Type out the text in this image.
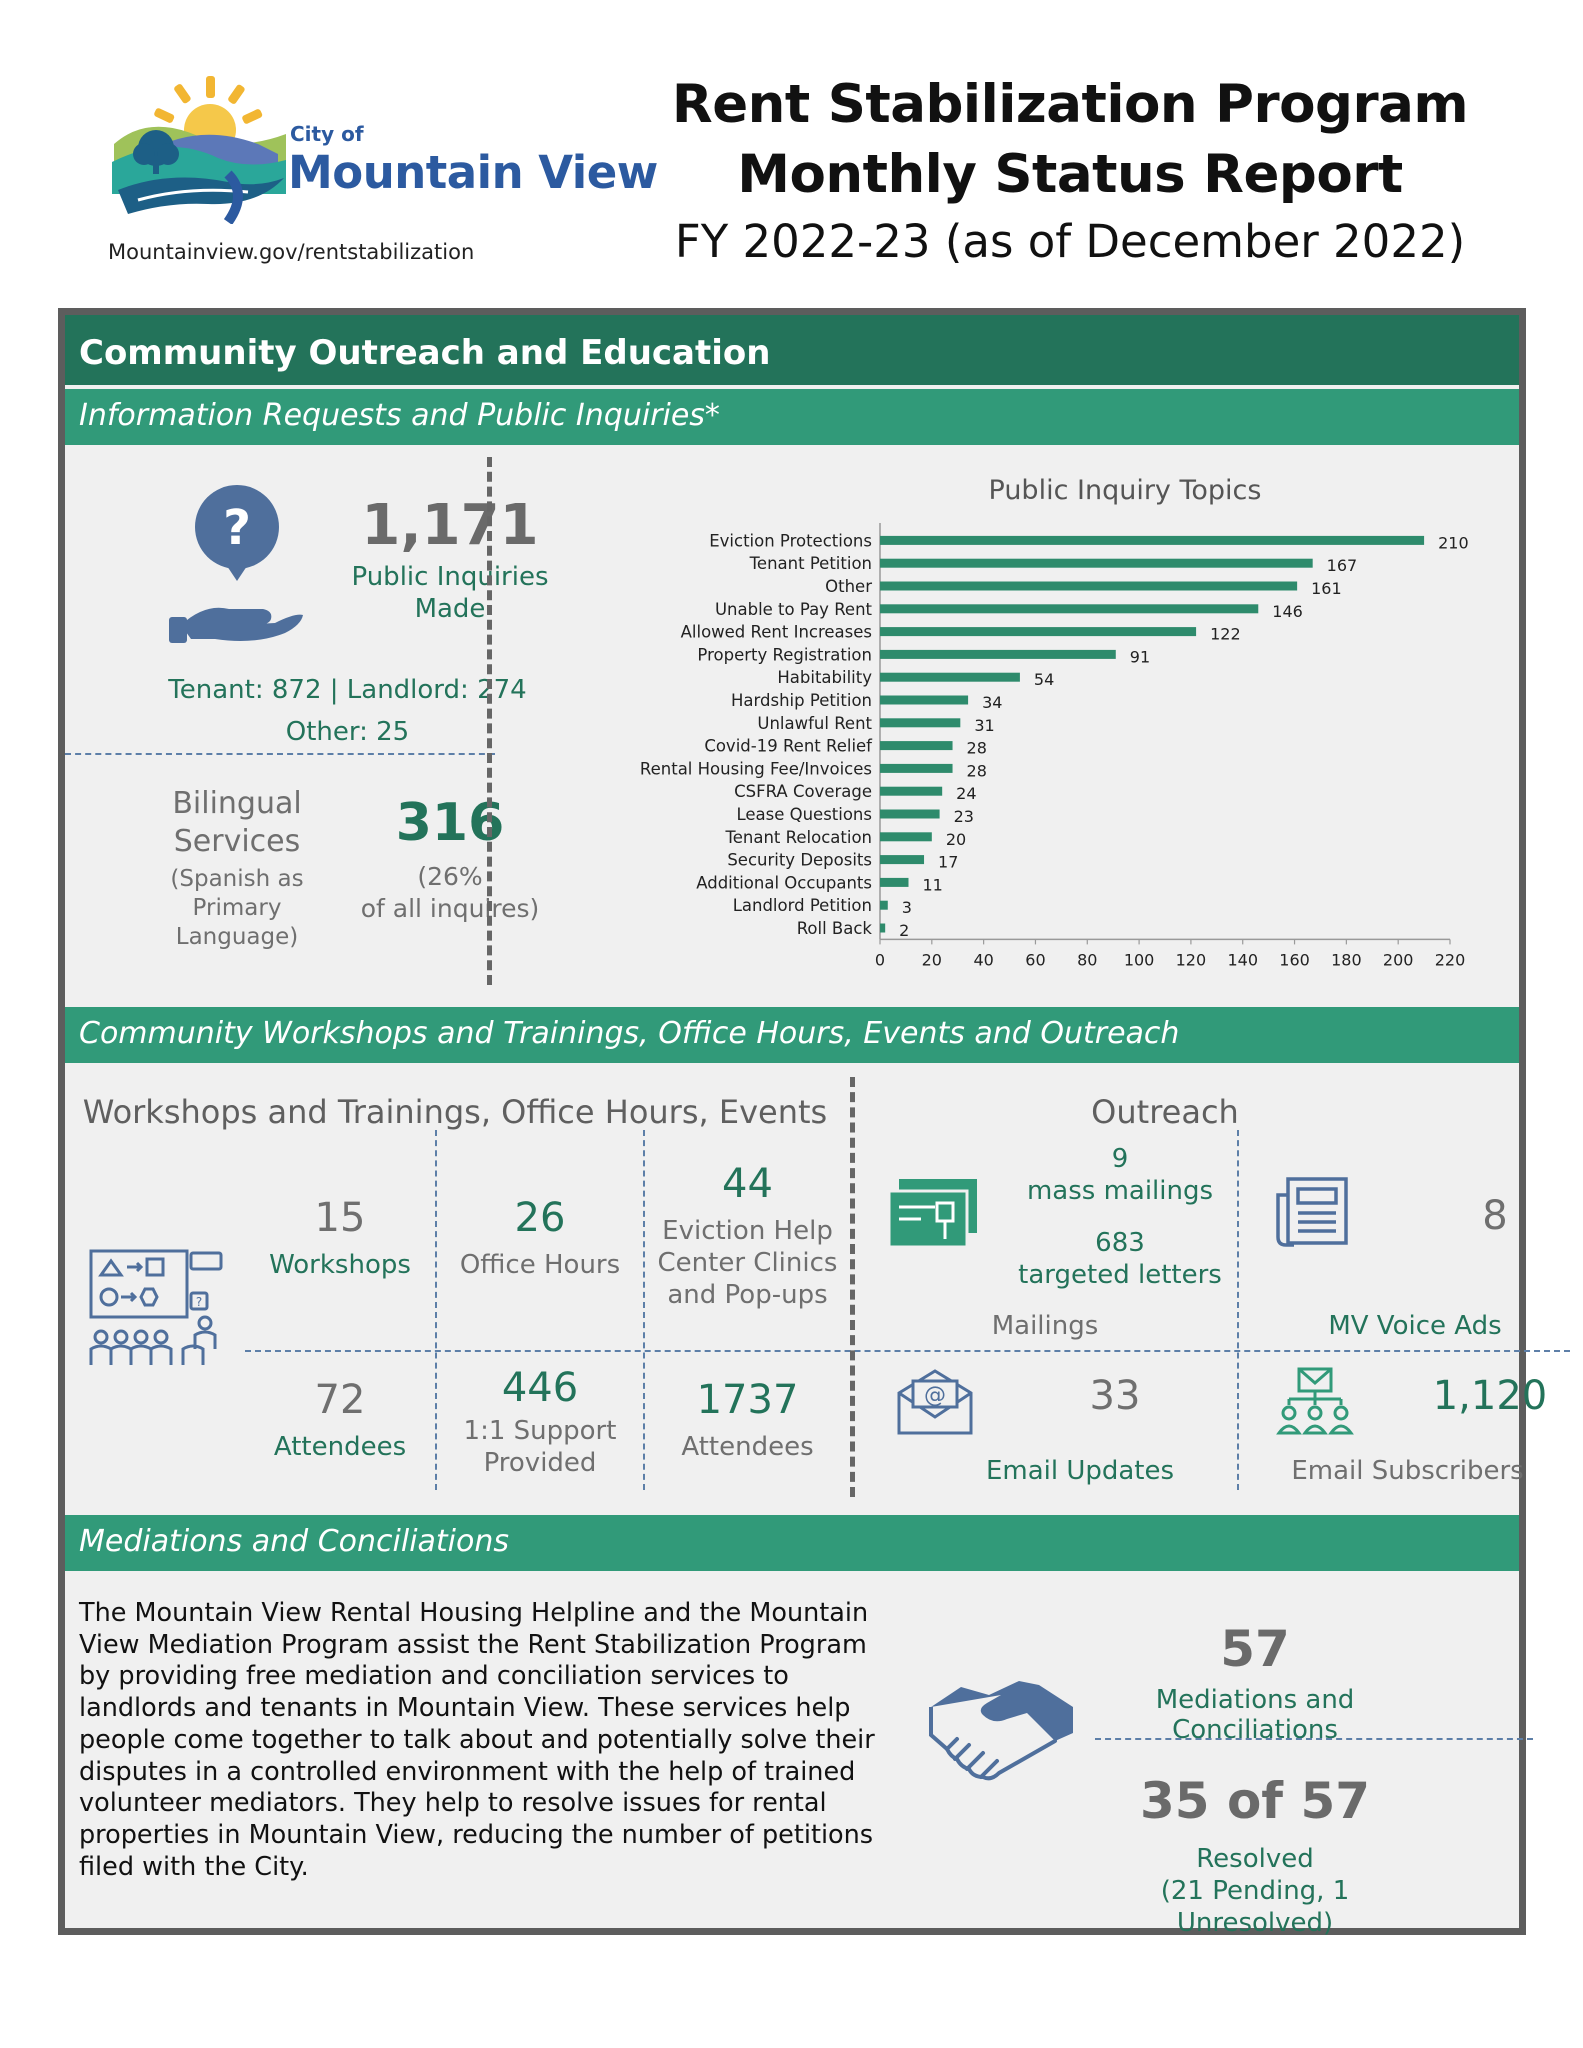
City of
Mountain View
Mountainview.gov/rentstabilization
Rent Stabilization Program
Monthly Status Report
FY 2022-23 (as of December 2022)
Community Outreach and Education
Information Requests and Public Inquiries*
?	1,171
Public Inquiries
Made
Tenant: 872 | Landlord: 274
Other: 25
Bilingual
Services
(Spanish as
Primary
Language)
316
(26%
of all inquires)
Public Inquiry Topics
Eviction Protections	210
Tenant Petition	167
Other	161
Unable to Pay Rent	146
Allowed Rent Increases	122
Property Registration	91
Habitability	54
Hardship Petition	34
Unlawful Rent	31
Covid-19 Rent Relief	28
Rental Housing Fee/Invoices	28
CSFRA Coverage	24
Lease Questions	23
Tenant Relocation	20
Security Deposits	17
Additional Occupants	11
Landlord Petition 3
Roll Back 2
0 20 40 60 80 100 120 140 160 180 200 220
Community Workshops and Trainings, Office Hours, Events and Outreach
Workshops and Trainings, Office Hours, Events	Outreach
?
15
Workshops
26
Office Hours
44
Eviction Help
Center Clinics
and Pop-ups
72
Attendees
446
1:1 Support
Provided
1737
Attendees
9
mass mailings
683
targeted letters
Mailings
8
MV Voice Ads
@	33
Email Updates
1,120
Email Subscribers
Mediations and Conciliations
The Mountain View Rental Housing Helpline and the Mountain View Mediation Program assist the Rent Stabilization Program by providing free mediation and conciliation services to landlords and tenants in Mountain View. These services help people come together to talk about and potentially solve their disputes in a controlled environment with the help of trained volunteer mediators. They help to resolve issues for rental properties in Mountain View, reducing the number of petitions filed with the City.
57
Mediations and Conciliations
35 of 57
Resolved
(21 Pending, 1 Unresolved)
